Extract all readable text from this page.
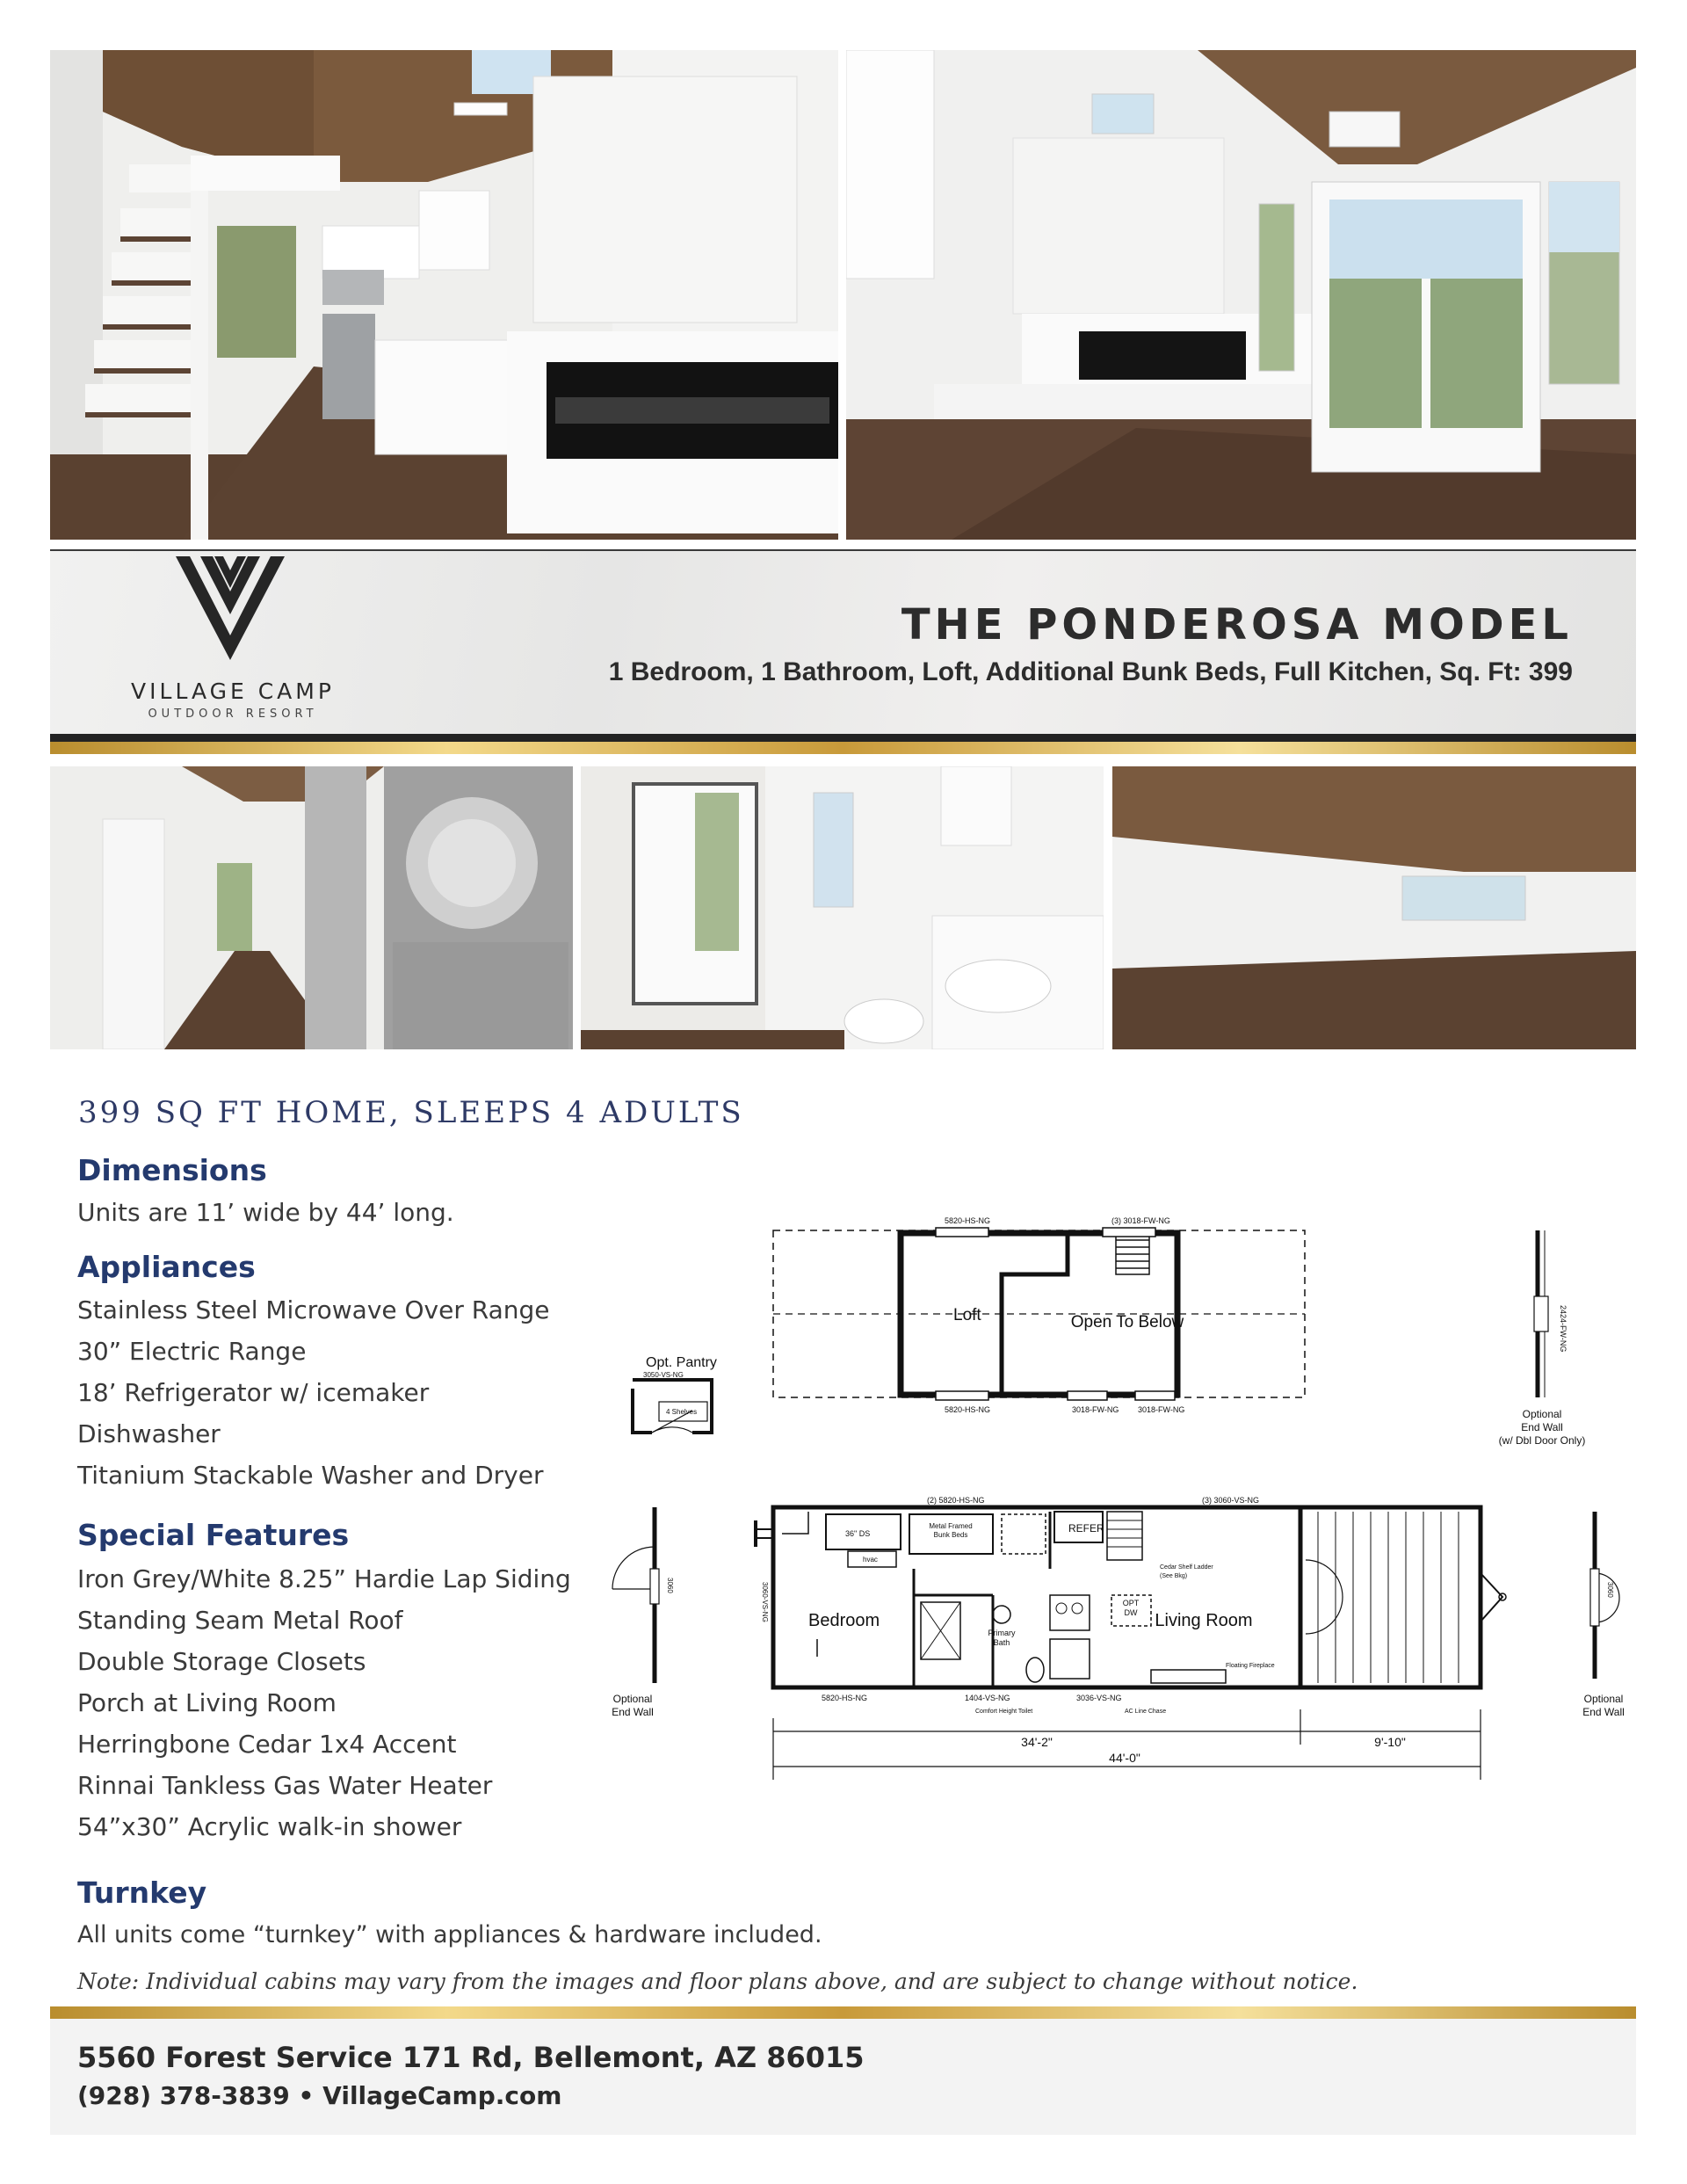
VILLAGE CAMP
OUTDOOR RESORT
THE PONDEROSA MODEL
1 Bedroom, 1 Bathroom, Loft, Additional Bunk Beds, Full Kitchen, Sq. Ft: 399
399 SQ FT HOME, SLEEPS 4 ADULTS
Dimensions
Units are 11’ wide by 44’ long.
Appliances
Stainless Steel Microwave Over Range
30” Electric Range
18’ Refrigerator w/ icemaker
Dishwasher
Titanium Stackable Washer and Dryer
Special Features
Iron Grey/White 8.25” Hardie Lap Siding
Standing Seam Metal Roof
Double Storage Closets
Porch at Living Room
Herringbone Cedar 1x4 Accent
Rinnai Tankless Gas Water Heater
54”x30” Acrylic walk-in shower
Turnkey
All units come “turnkey” with appliances & hardware included.
Note: Individual cabins may vary from the images and floor plans above, and are subject to change without notice.
Loft	Open To Below
5820-HS-NG	(3) 3018-FW-NG
5820-HS-NG	3018-FW-NG 3018-FW-NG
Opt. Pantry
3050-VS-NG
4 Shelves
2424-FW-NG
Optional
End Wall
(w/ Dbl Door Only)
Bedroom	Living Room
Primary
Bath
REFER
36" DS
Metal Framed
Bunk Beds
OPT
DW
hvac
(2) 5820-HS-NG	(3) 3060-VS-NG
5820-HS-NG	1404-VS-NG	3036-VS-NG
3060-VS-NG
Comfort Height Toilet	AC Line Chase
Floating Fireplace
Cedar Shelf Ladder
(See Bkg)
34'-2"	9'-10"
44'-0"
3060
Optional
End Wall
3060
Optional
End Wall
5560 Forest Service 171 Rd, Bellemont, AZ 86015
(928) 378-3839 • VillageCamp.com
